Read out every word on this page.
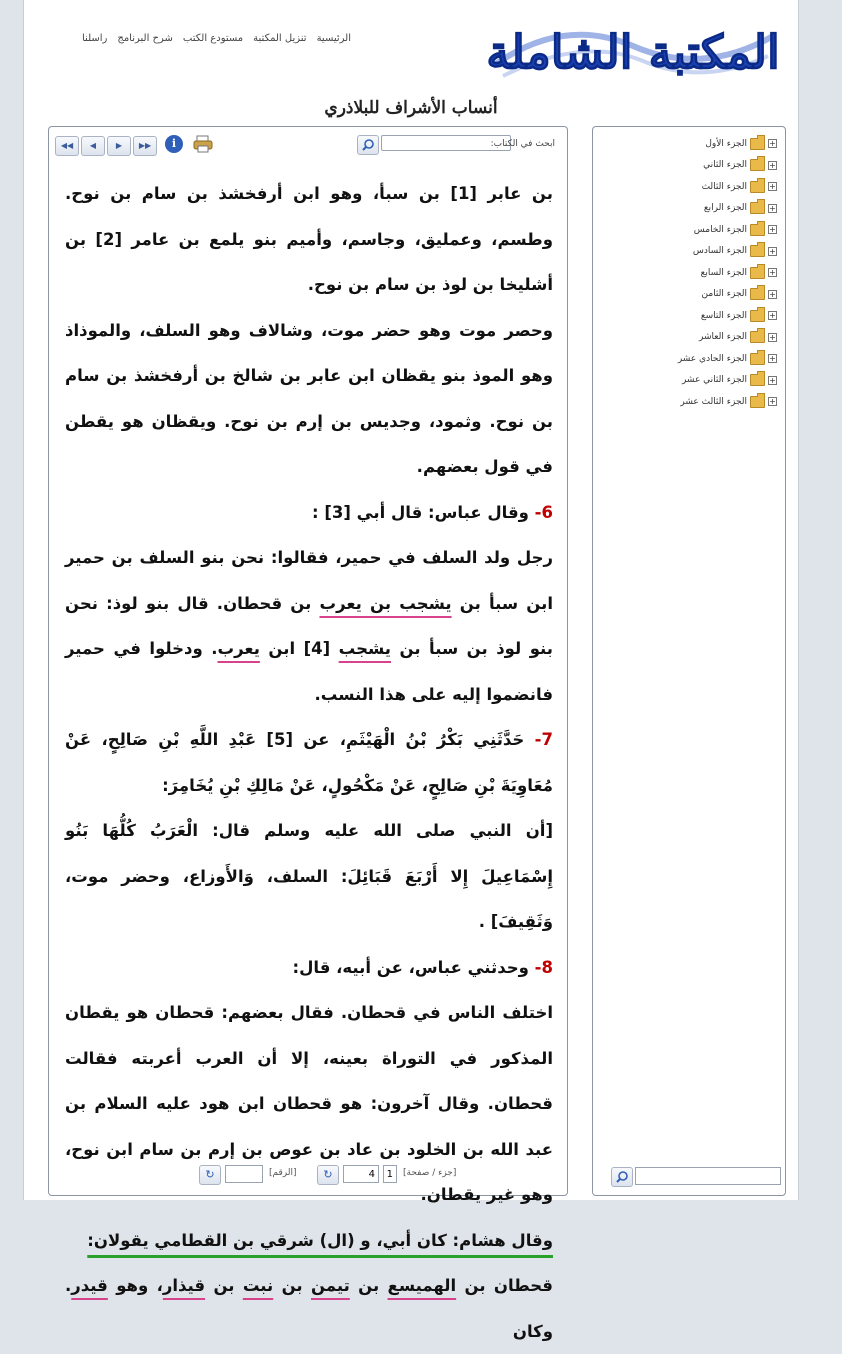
المكتبة الشاملة
الرئيسية
تنزيل المكتبة
مستودع الكتب
شرح البرنامج
راسلنا
أنساب الأشراف للبلاذري
◀◀	◀	▶	▶▶	i	ابحث في الكتاب:

بن عابر [1] بن سبأ، وهو ابن أرفخشذ بن سام بن نوح. وطسم، وعمليق، وجاسم، وأميم بنو يلمع بن عامر [2] بن أشليخا بن لوذ بن سام بن نوح.

وحصر موت وهو حضر موت، وشالاف وهو السلف، والموذاذ وهو الموذ بنو يقظان ابن عابر بن شالخ بن أرفخشذ بن سام بن نوح. وثمود، وجديس بن إرم بن نوح. ويقظان هو يقطن في قول بعضهم.

6- وقال عباس: قال أبي [3] :

رجل ولد السلف في حمير، فقالوا: نحن بنو السلف بن حمير ابن سبأ بن يشجب بن يعرب بن قحطان. قال بنو لوذ: نحن بنو لوذ بن سبأ بن يشجب [4] ابن يعرب. ودخلوا في حمير فانضموا إليه على هذا النسب.

7- حَدَّثَنِي بَكْرُ بْنُ الْهَيْثَمِ، عن [5] عَبْدِ اللَّهِ بْنِ صَالِحٍ، عَنْ مُعَاوِيَةَ بْنِ صَالِحٍ، عَنْ مَكْحُولٍ، عَنْ مَالِكِ بْنِ يُخَامِرَ:

[أن النبي صلى الله عليه وسلم قال: الْعَرَبُ كُلُّهَا بَنُو إِسْمَاعِيلَ إِلا أَرْبَعَ قَبَائِلَ: السلف، وَالأَوزاع، وحضر موت، وَثَقِيفَ] .

8- وحدثني عباس، عن أبيه، قال:

اختلف الناس في قحطان. فقال بعضهم: قحطان هو يقطان المذكور في التوراة بعينه، إلا أن العرب أعربته فقالت قحطان. وقال آخرون: هو قحطان ابن هود عليه السلام بن عبد الله بن الخلود بن عاد بن عوص بن إرم بن سام ابن نوح، وهو غير يقطان.

وقال هشام: كان أبي، و (ال) شرقي بن القطامي يقولان:

قحطان بن الهميسع بن تيمن بن نبت بن قيذار، وهو قيدر. وكان

↻	[الرقم]	↻	4	1	[جزء / صفحة]
+
الجزء الأول
+
الجزء الثاني
+
الجزء الثالث
+
الجزء الرابع
+
الجزء الخامس
+
الجزء السادس
+
الجزء السابع
+
الجزء الثامن
+
الجزء التاسع
+
الجزء العاشر
+
الجزء الحادي عشر
+
الجزء الثاني عشر
+
الجزء الثالث عشر
